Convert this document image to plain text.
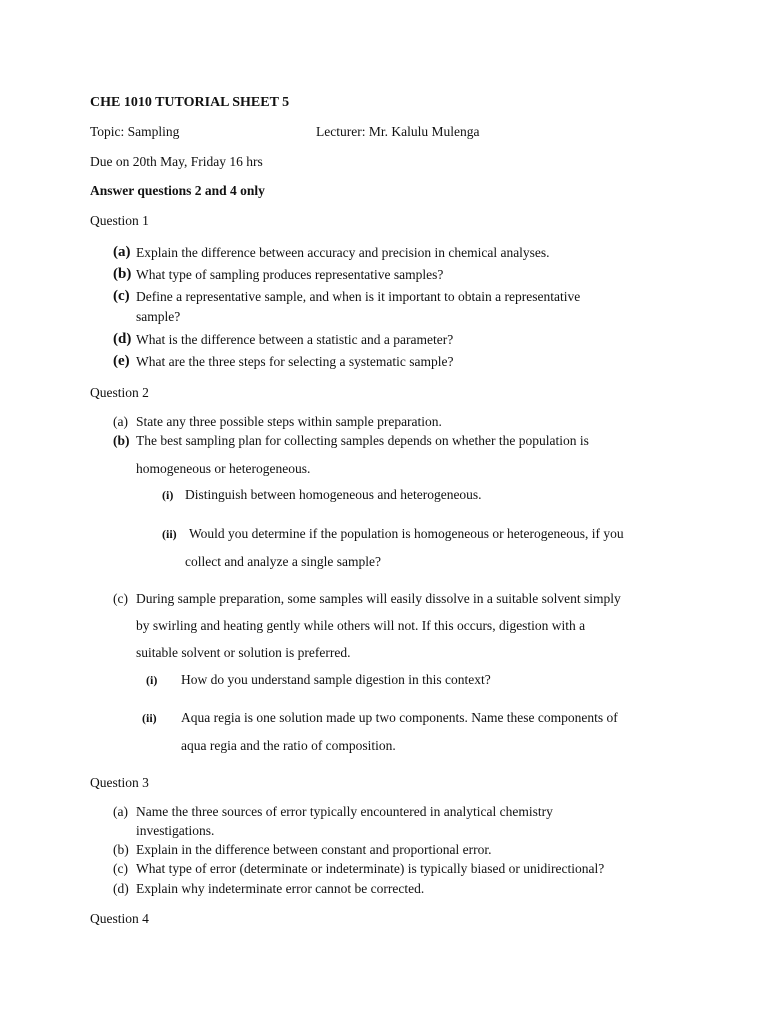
CHE 1010 TUTORIAL SHEET 5
Topic: Sampling	Lecturer: Mr. Kalulu Mulenga
Due on 20th May, Friday 16 hrs
Answer questions 2 and 4 only
Question 1
(a) Explain the difference between accuracy and precision in chemical analyses.
(b) What type of sampling produces representative samples?
(c) Define a representative sample, and when is it important to obtain a representative
sample?
(d) What is the difference between a statistic and a parameter?
(e) What are the three steps for selecting a systematic sample?
Question 2
(a) State any three possible steps within sample preparation.
(b) The best sampling plan for collecting samples depends on whether the population is
homogeneous or heterogeneous.
(i) Distinguish between homogeneous and heterogeneous.
(ii) Would you determine if the population is homogeneous or heterogeneous, if you
collect and analyze a single sample?
(c) During sample preparation, some samples will easily dissolve in a suitable solvent simply
by swirling and heating gently while others will not. If this occurs, digestion with a
suitable solvent or solution is preferred.
(i) How do you understand sample digestion in this context?
(ii) Aqua regia is one solution made up two components. Name these components of
aqua regia and the ratio of composition.
Question 3
(a) Name the three sources of error typically encountered in analytical chemistry
investigations.
(b) Explain in the difference between constant and proportional error.
(c) What type of error (determinate or indeterminate) is typically biased or unidirectional?
(d) Explain why indeterminate error cannot be corrected.
Question 4
